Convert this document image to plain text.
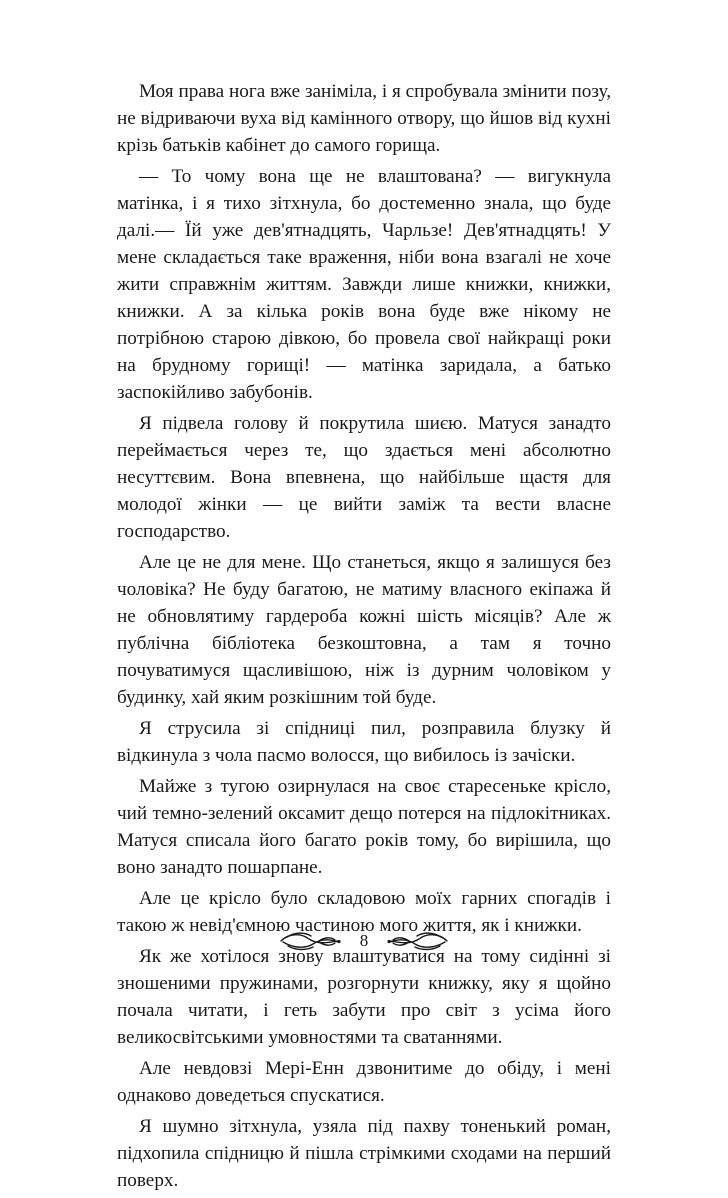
Моя права нога вже заніміла, і я спробувала змінити позу, не відриваючи вуха від камінного отвору, що йшов від кухні крізь батьків кабінет до самого горища.

— То чому вона ще не влаштована? — вигукнула матінка, і я тихо зітхнула, бо достеменно знала, що буде далі.— Їй уже дев'ятнадцять, Чарльзе! Дев'ятнадцять! У мене складається таке враження, ніби вона взагалі не хоче жити справжнім життям. Завжди лише книжки, книжки, книжки. А за кілька років вона буде вже нікому не потрібною старою дівкою, бо провела свої найкращі роки на брудному горищі! — матінка заридала, а батько заспокійливо забубонів.

Я підвела голову й покрутила шиєю. Матуся занадто переймається через те, що здається мені абсолютно несуттєвим. Вона впевнена, що найбільше щастя для молодої жінки — це вийти заміж та вести власне господарство.

Але це не для мене. Що станеться, якщо я залишуся без чоловіка? Не буду багатою, не матиму власного екіпажа й не обновлятиму гардероба кожні шість місяців? Але ж публічна бібліотека безкоштовна, а там я точно почуватимуся щасливішою, ніж із дурним чоловіком у будинку, хай яким розкішним той буде.

Я струсила зі спідниці пил, розправила блузку й відкинула з чола пасмо волосся, що вибилось із зачіски.

Майже з тугою озирнулася на своє старесеньке крісло, чий темно-зелений оксамит дещо потерся на підлокітниках. Матуся списала його багато років тому, бо вирішила, що воно занадто пошарпане.

Але це крісло було складовою моїх гарних спогадів і такою ж невід'ємною частиною мого життя, як і книжки.

Як же хотілося знову влаштуватися на тому сидінні зі зношеними пружинами, розгорнути книжку, яку я щойно почала читати, і геть забути про світ з усіма його великосвітськими умовностями та сватаннями.

Але невдовзі Мері-Енн дзвонитиме до обіду, і мені однаково доведеться спускатися.

Я шумно зітхнула, узяла під пахву тоненький роман, підхопила спідницю й пішла стрімкими сходами на перший поверх.

8
